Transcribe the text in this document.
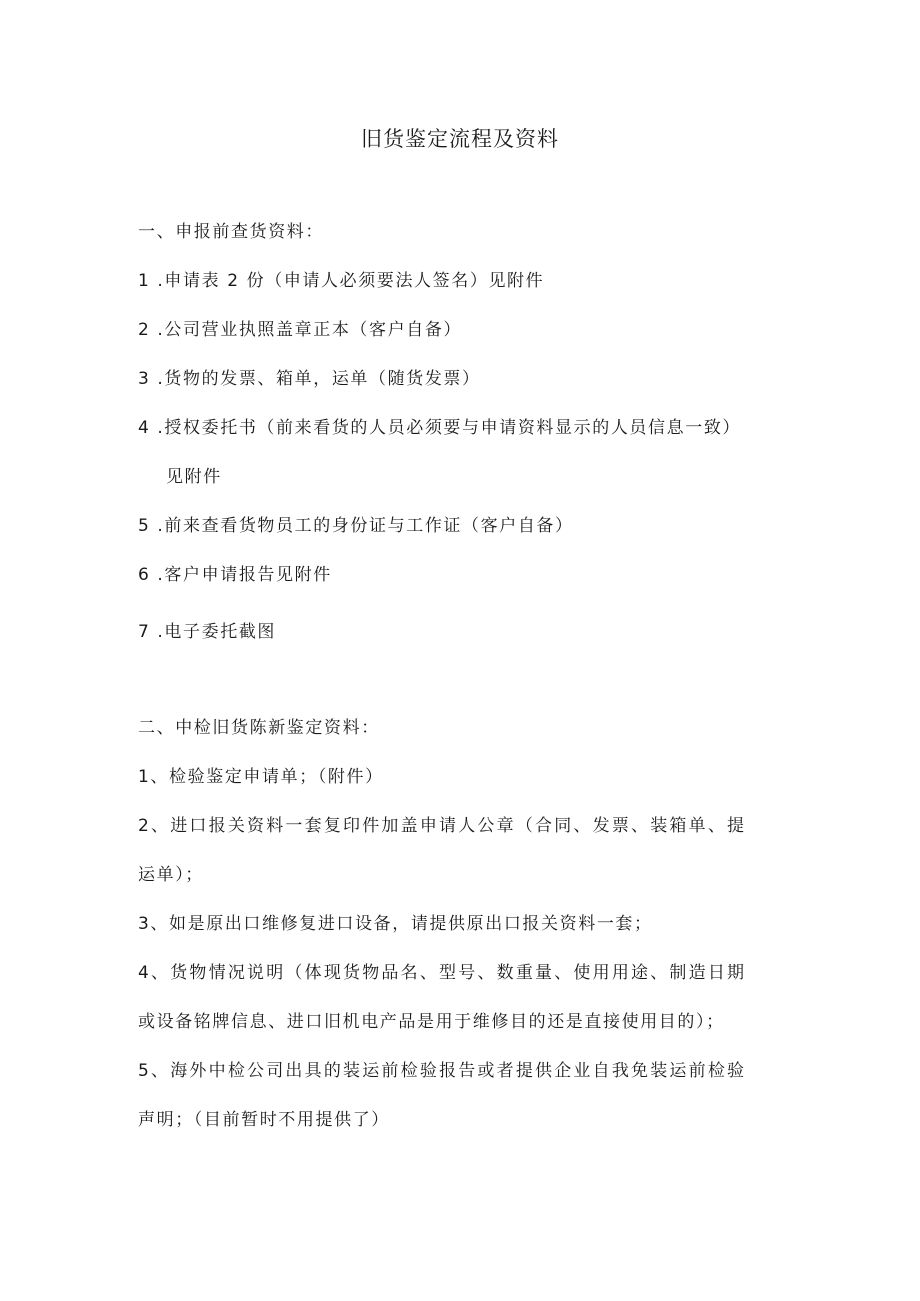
旧货鉴定流程及资料
一、申报前查货资料：
1 .申请表 2 份（申请人必须要法人签名）见附件
2 .公司营业执照盖章正本（客户自备）
3 .货物的发票、箱单，运单（随货发票）
4 .授权委托书（前来看货的人员必须要与申请资料显示的人员信息一致）
见附件
5 .前来查看货物员工的身份证与工作证（客户自备）
6 .客户申请报告见附件
7 .电子委托截图
二、中检旧货陈新鉴定资料：
1、检验鉴定申请单；（附件）
2、进口报关资料一套复印件加盖申请人公章（合同、发票、装箱单、提
运单）；
3、如是原出口维修复进口设备，请提供原出口报关资料一套；
4、货物情况说明（体现货物品名、型号、数重量、使用用途、制造日期
或设备铭牌信息、进口旧机电产品是用于维修目的还是直接使用目的）；
5、海外中检公司出具的装运前检验报告或者提供企业自我免装运前检验
声明；（目前暂时不用提供了）
